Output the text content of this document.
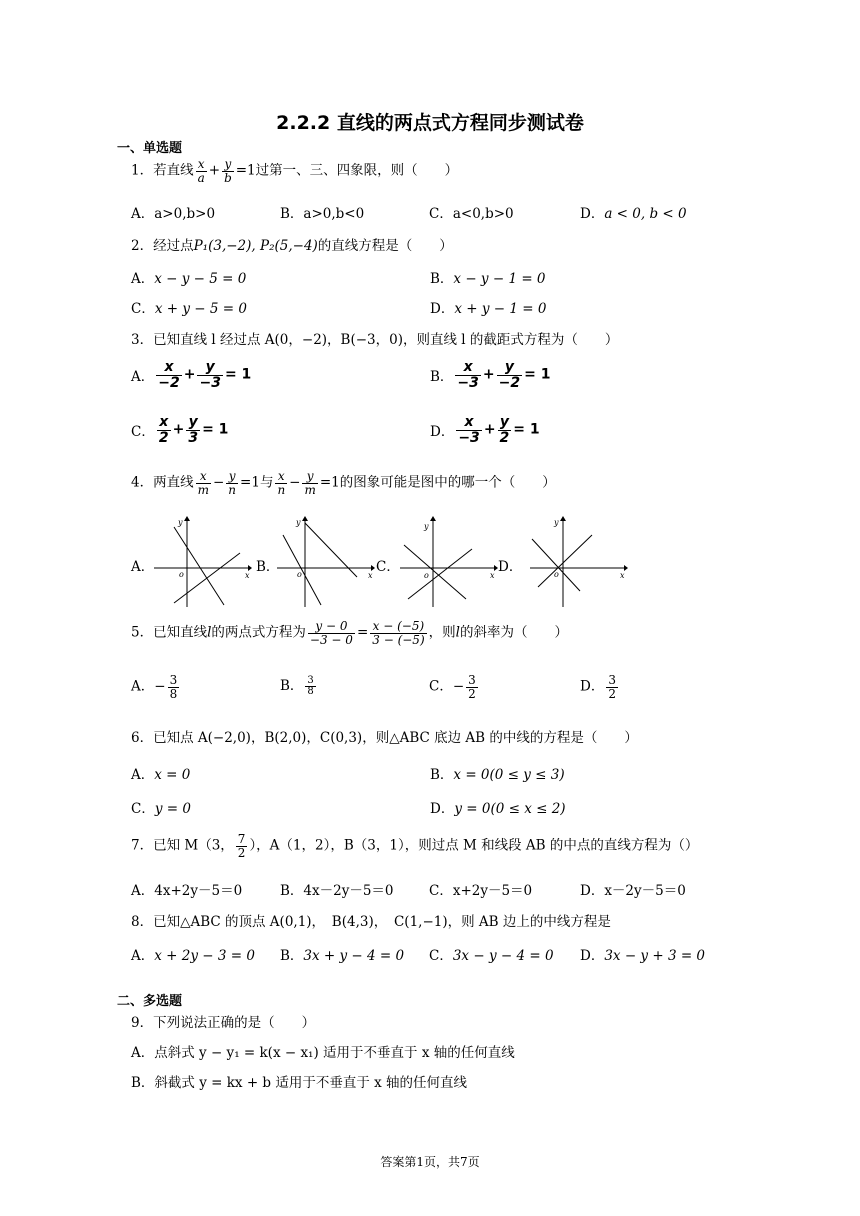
2.2.2 直线的两点式方程同步测试卷
一、单选题
1．若直线 $\frac{x}{a} + \frac{y}{b} =1$过第一、三、四象限，则（　　）
A．a>0,b>0	B．a>0,b<0	C．a<0,b>0	D．a < 0, b < 0
2．经过点P₁(3,−2), P₂(5,−4)的直线方程是（　　）
A．x − y − 5 = 0	B．x − y − 1 = 0
C．x + y − 5 = 0	D．x + y − 1 = 0
3．已知直线 l 经过点 A(0，−2)，B(−3，0)，则直线 l 的截距式方程为（　　）
A． $\frac{x}{-2} + \frac{y}{-3} = 1$	B． $\frac{x}{-3} + \frac{y}{-2} = 1$
C． $\frac{x}{2} + \frac{y}{3} = 1$	D． $\frac{x}{-3} + \frac{y}{2} = 1$
4．两直线 $\frac{x}{m} - \frac{y}{n} =1$与 $\frac{x}{n} - \frac{y}{m} =1$的图象可能是图中的哪一个（　　）
A．
y
o	x
B．
y
o	x
C．
y
o	x
D．
y
o	x
5．已知直线l的两点式方程为 $\frac{y - 0}{-3 - 0} = \frac{x - (-5)}{3 - (-5)}$ ，则l的斜率为（　　）
A．− $\frac{3}{8}$	B． $\frac{3}{8}$	C．− $\frac{3}{2}$	D． $\frac{3}{2}$
6．已知点 A(−2,0)，B(2,0)，C(0,3)，则△ABC 底边 AB 的中线的方程是（　　）
A．x = 0	B．x = 0(0 ≤ y ≤ 3)
C．y = 0	D．y = 0(0 ≤ x ≤ 2)
7．已知 M（3， $\frac{7}{2}$ ），A（1，2），B（3，1），则过点 M 和线段 AB 的中点的直线方程为（）
A．4x+2y－5＝0	B．4x－2y－5＝0	C．x+2y－5＝0	D．x－2y－5＝0
8．已知△ABC 的顶点 A(0,1)，　B(4,3)，　C(1,−1)，则 AB 边上的中线方程是
A．x + 2y − 3 = 0 B．3x + y − 4 = 0 C．3x − y − 4 = 0 D．3x − y + 3 = 0
二、多选题
9．下列说法正确的是（　　）
A．点斜式 y − y₁ = k(x − x₁) 适用于不垂直于 x 轴的任何直线
B．斜截式 y = kx + b 适用于不垂直于 x 轴的任何直线
答案第1页，共7页
